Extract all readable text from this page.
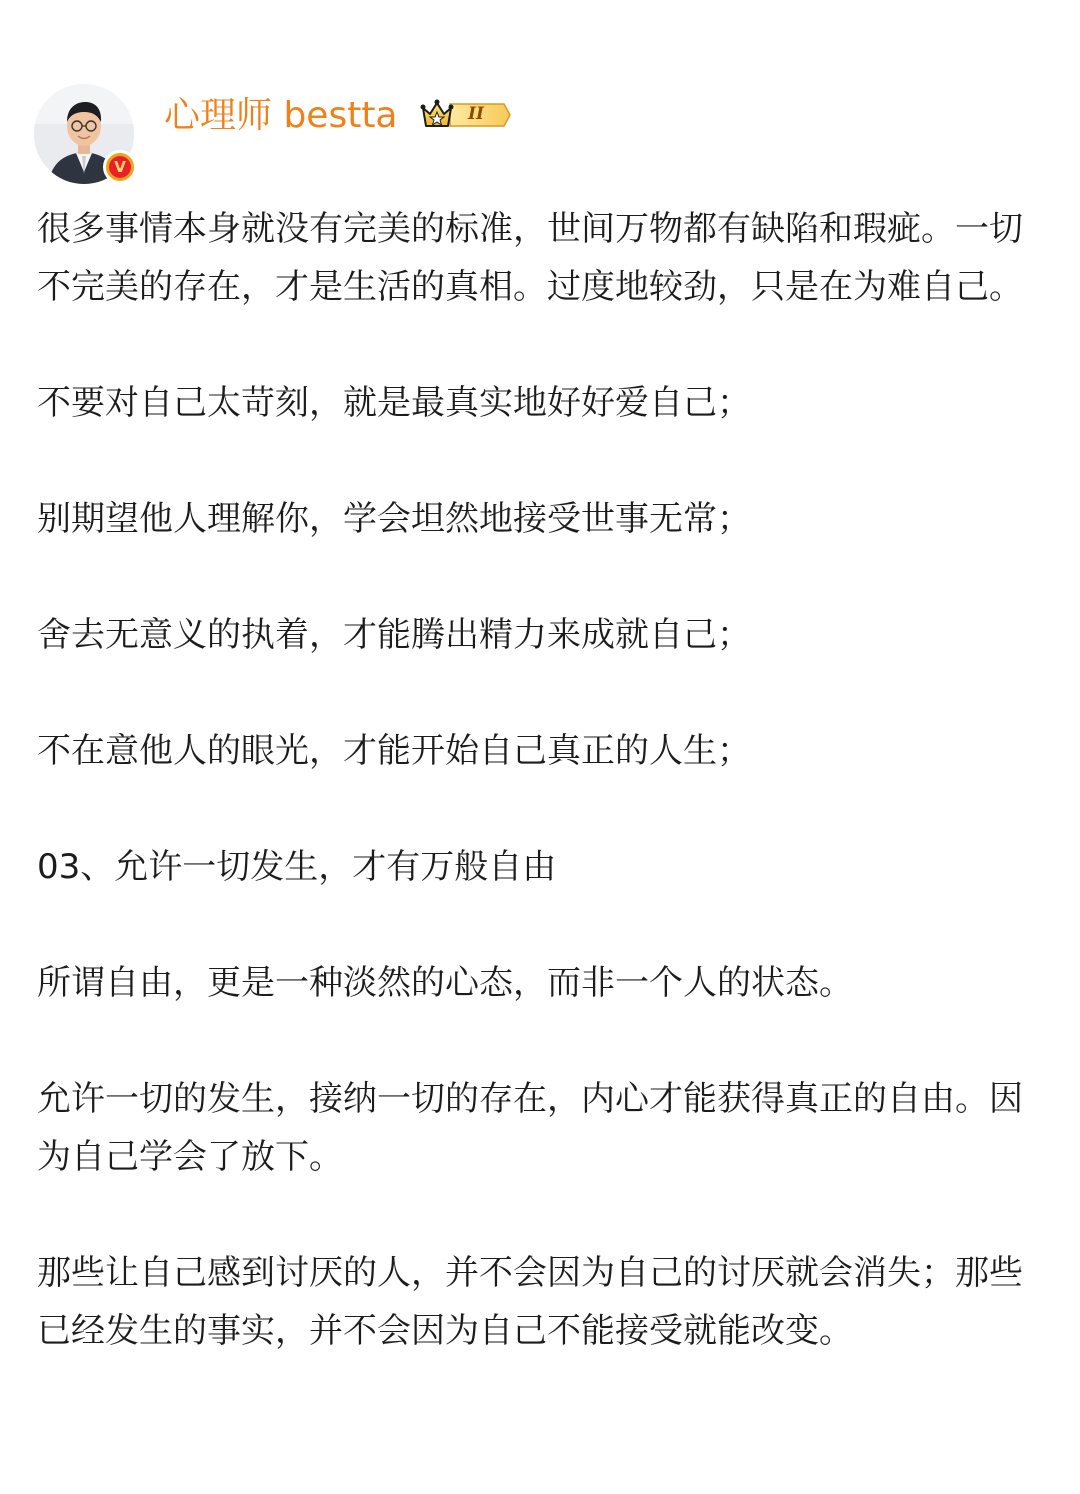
V
心理师 bestta	II

很多事情本身就没有完美的标准，世间万物都有缺陷和瑕疵。一切不完美的存在，才是生活的真相。过度地较劲，只是在为难自己。

不要对自己太苛刻，就是最真实地好好爱自己；

别期望他人理解你，学会坦然地接受世事无常；

舍去无意义的执着，才能腾出精力来成就自己；

不在意他人的眼光，才能开始自己真正的人生；

03、允许一切发生，才有万般自由

所谓自由，更是一种淡然的心态，而非一个人的状态。

允许一切的发生，接纳一切的存在，内心才能获得真正的自由。因为自己学会了放下。

那些让自己感到讨厌的人，并不会因为自己的讨厌就会消失；那些已经发生的事实，并不会因为自己不能接受就能改变。
